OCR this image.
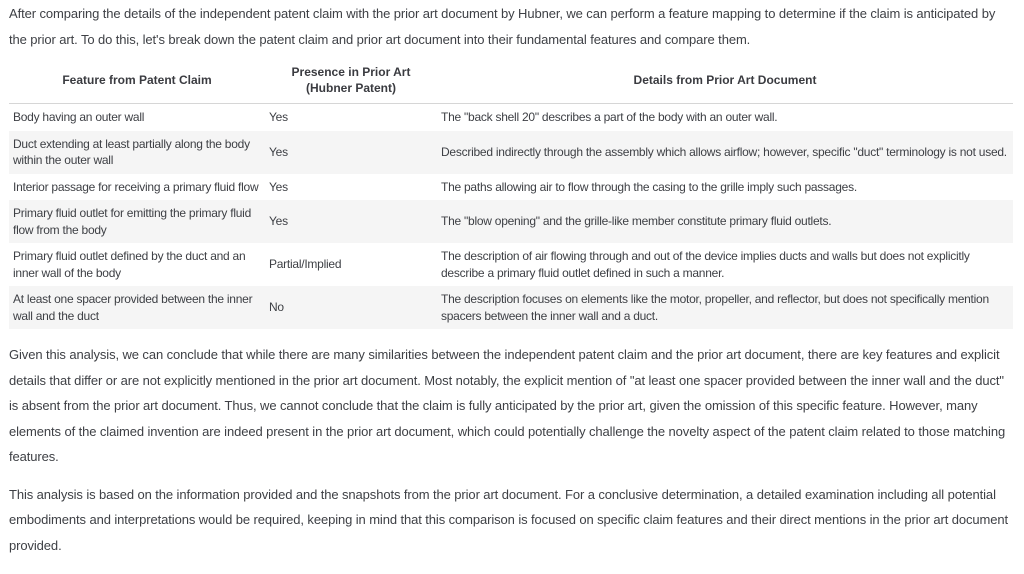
After comparing the details of the independent patent claim with the prior art document by Hubner, we can perform a feature mapping to determine if the claim is anticipated by the prior art. To do this, let's break down the patent claim and prior art document into their fundamental features and compare them.

Feature from Patent Claim	Presence in Prior Art (Hubner Patent)	Details from Prior Art Document
Body having an outer wall	Yes	The "back shell 20" describes a part of the body with an outer wall.
Duct extending at least partially along the body within the outer wall	Yes	Described indirectly through the assembly which allows airflow; however, specific "duct" terminology is not used.
Interior passage for receiving a primary fluid flow	Yes	The paths allowing air to flow through the casing to the grille imply such passages.
Primary fluid outlet for emitting the primary fluid flow from the body	Yes	The "blow opening" and the grille-like member constitute primary fluid outlets.
Primary fluid outlet defined by the duct and an inner wall of the body	Partial/Implied	The description of air flowing through and out of the device implies ducts and walls but does not explicitly describe a primary fluid outlet defined in such a manner.
At least one spacer provided between the inner wall and the duct	No	The description focuses on elements like the motor, propeller, and reflector, but does not specifically mention spacers between the inner wall and a duct.

Given this analysis, we can conclude that while there are many similarities between the independent patent claim and the prior art document, there are key features and explicit details that differ or are not explicitly mentioned in the prior art document. Most notably, the explicit mention of "at least one spacer provided between the inner wall and the duct" is absent from the prior art document. Thus, we cannot conclude that the claim is fully anticipated by the prior art, given the omission of this specific feature. However, many elements of the claimed invention are indeed present in the prior art document, which could potentially challenge the novelty aspect of the patent claim related to those matching features.

This analysis is based on the information provided and the snapshots from the prior art document. For a conclusive determination, a detailed examination including all potential embodiments and interpretations would be required, keeping in mind that this comparison is focused on specific claim features and their direct mentions in the prior art document provided.
